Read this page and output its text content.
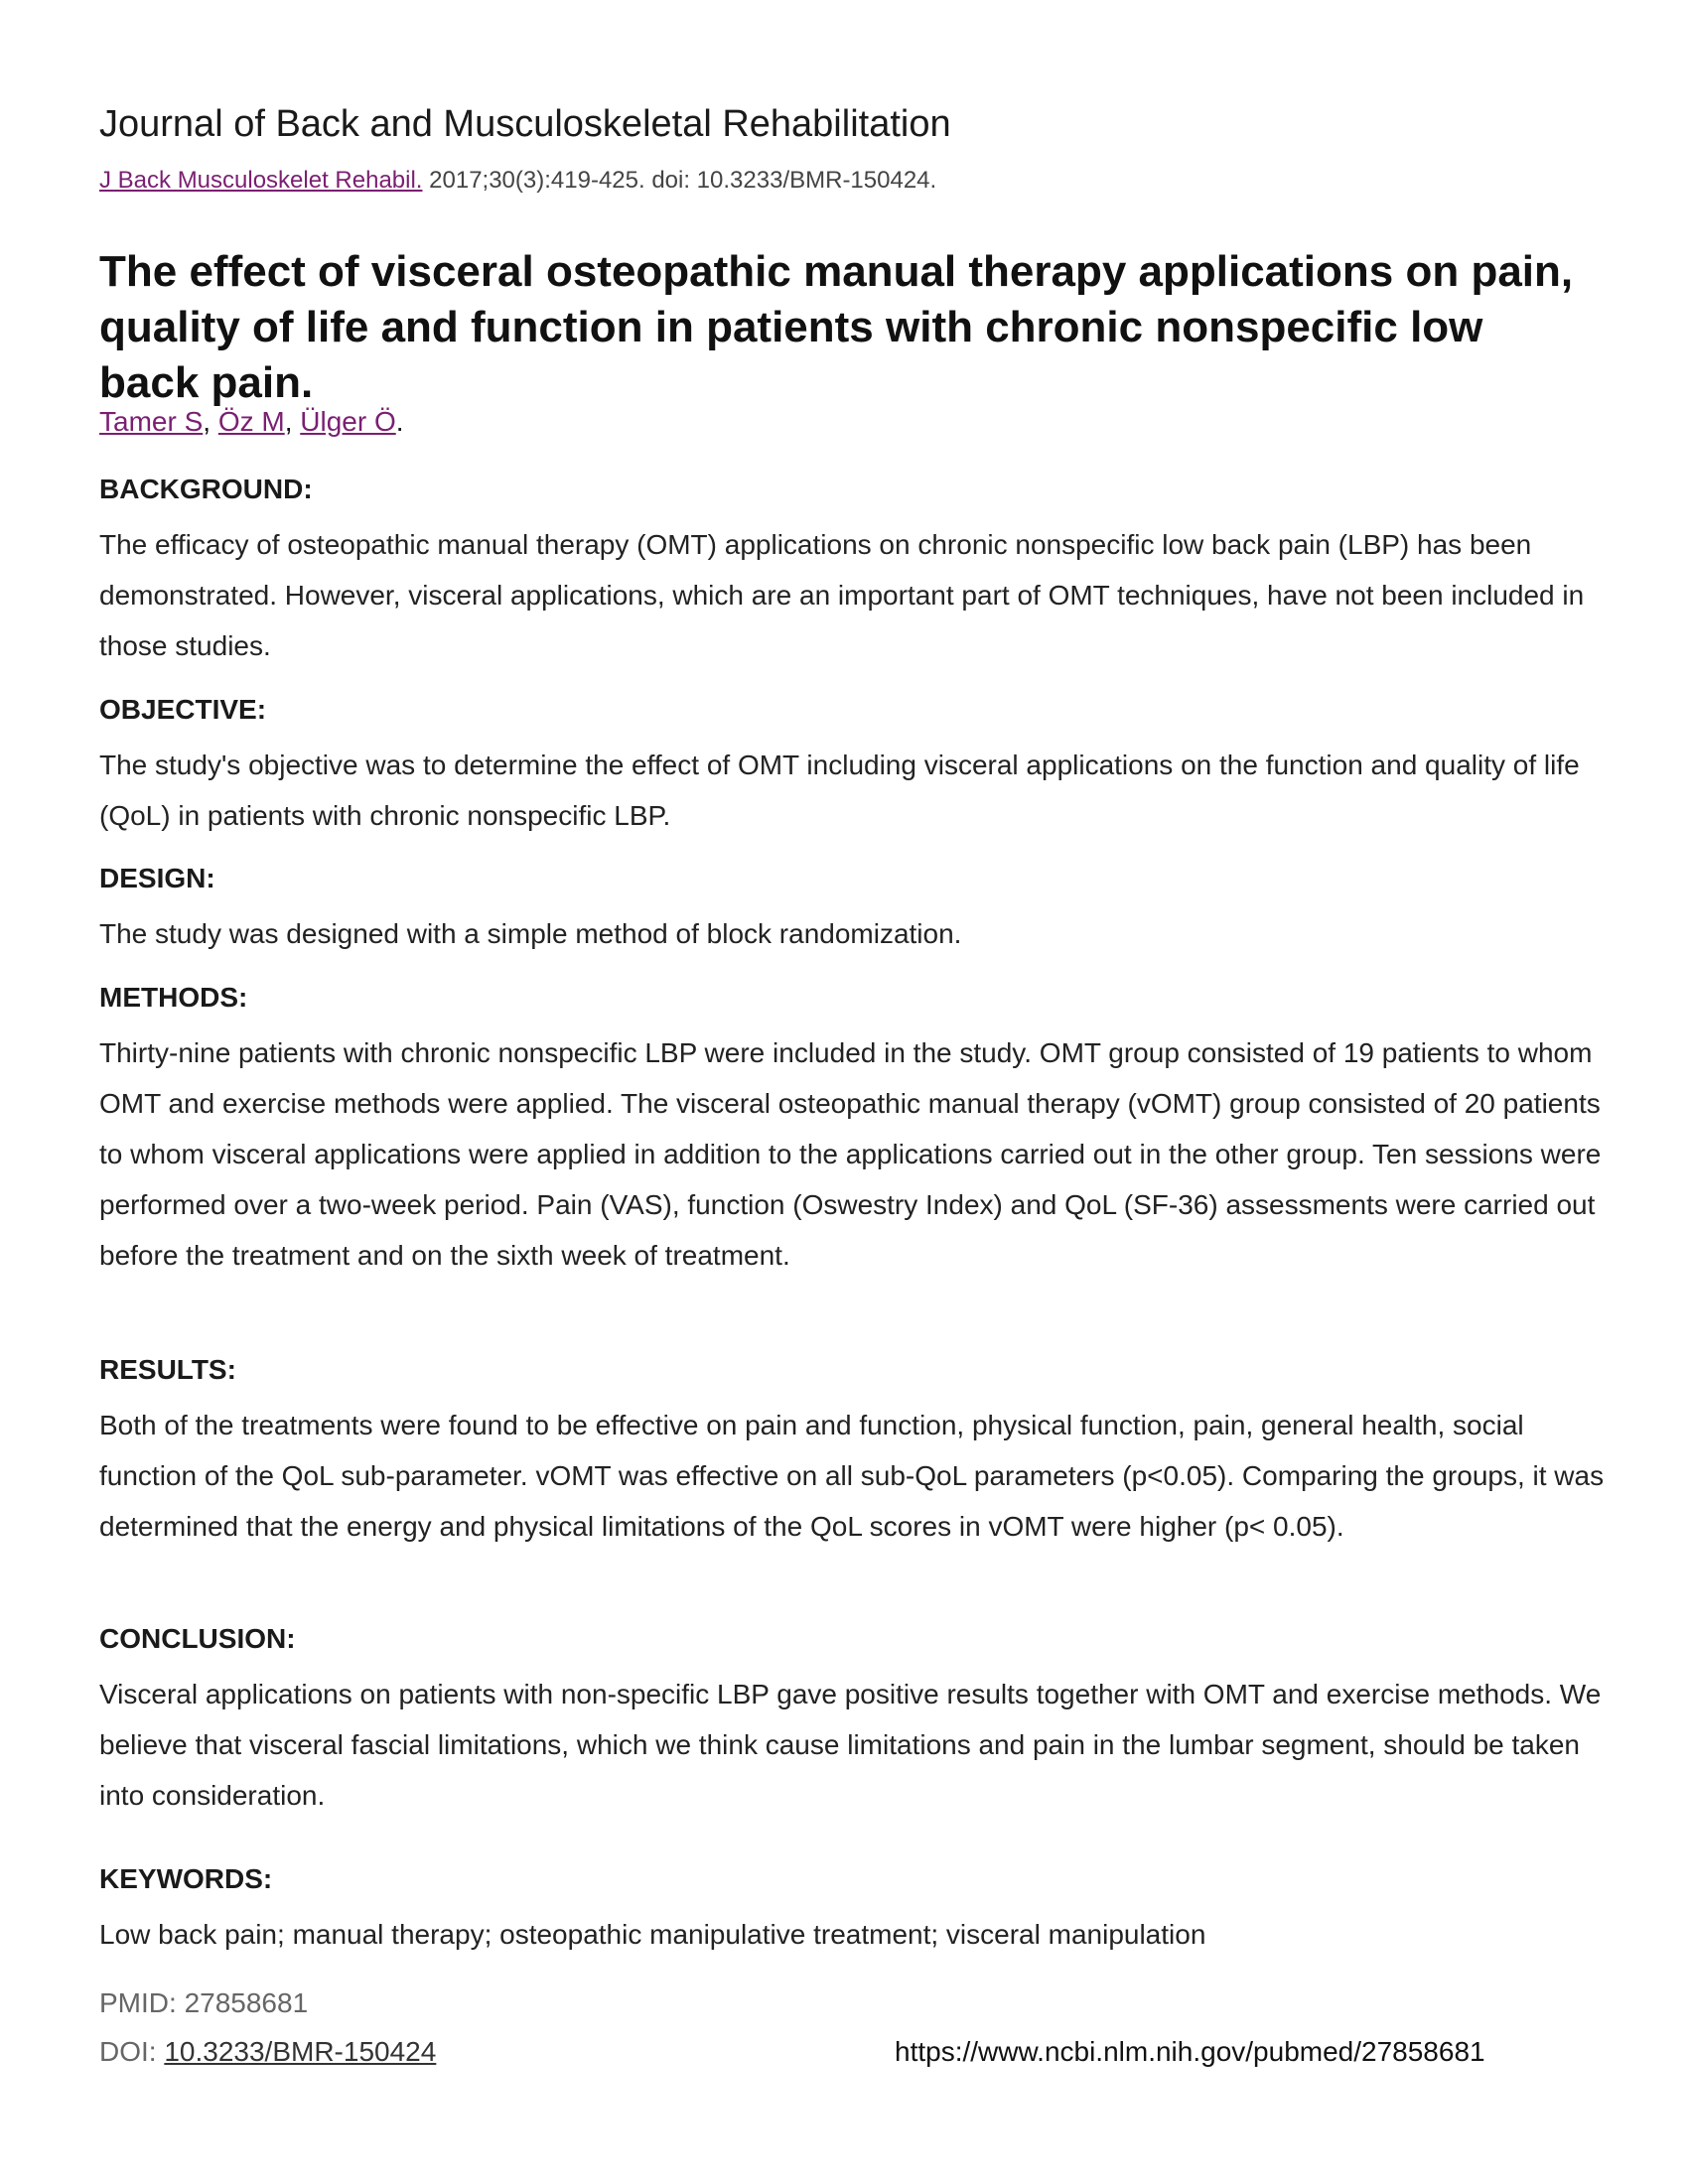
Journal of Back and Musculoskeletal Rehabilitation
J Back Musculoskelet Rehabil. 2017;30(3):419-425. doi: 10.3233/BMR-150424.
The effect of visceral osteopathic manual therapy applications on pain, quality of life and function in patients with chronic nonspecific low back pain.
Tamer S, Öz M, Ülger Ö.

BACKGROUND:

The efficacy of osteopathic manual therapy (OMT) applications on chronic nonspecific low back pain (LBP) has been demonstrated. However, visceral applications, which are an important part of OMT techniques, have not been included in those studies.

OBJECTIVE:

The study's objective was to determine the effect of OMT including visceral applications on the function and quality of life (QoL) in patients with chronic nonspecific LBP.

DESIGN:

The study was designed with a simple method of block randomization.

METHODS:

Thirty-nine patients with chronic nonspecific LBP were included in the study. OMT group consisted of 19 patients to whom OMT and exercise methods were applied. The visceral osteopathic manual therapy (vOMT) group consisted of 20 patients to whom visceral applications were applied in addition to the applications carried out in the other group. Ten sessions were performed over a two-week period. Pain (VAS), function (Oswestry Index) and QoL (SF-36) assessments were carried out before the treatment and on the sixth week of treatment.

RESULTS:

Both of the treatments were found to be effective on pain and function, physical function, pain, general health, social function of the QoL sub-parameter. vOMT was effective on all sub-QoL parameters (p<0.05). Comparing the groups, it was determined that the energy and physical limitations of the QoL scores in vOMT were higher (p< 0.05).

CONCLUSION:

Visceral applications on patients with non-specific LBP gave positive results together with OMT and exercise methods. We believe that visceral fascial limitations, which we think cause limitations and pain in the lumbar segment, should be taken into consideration.

KEYWORDS:

Low back pain; manual therapy; osteopathic manipulative treatment; visceral manipulation

PMID: 27858681
DOI: 10.3233/BMR-150424	https://www.ncbi.nlm.nih.gov/pubmed/27858681
